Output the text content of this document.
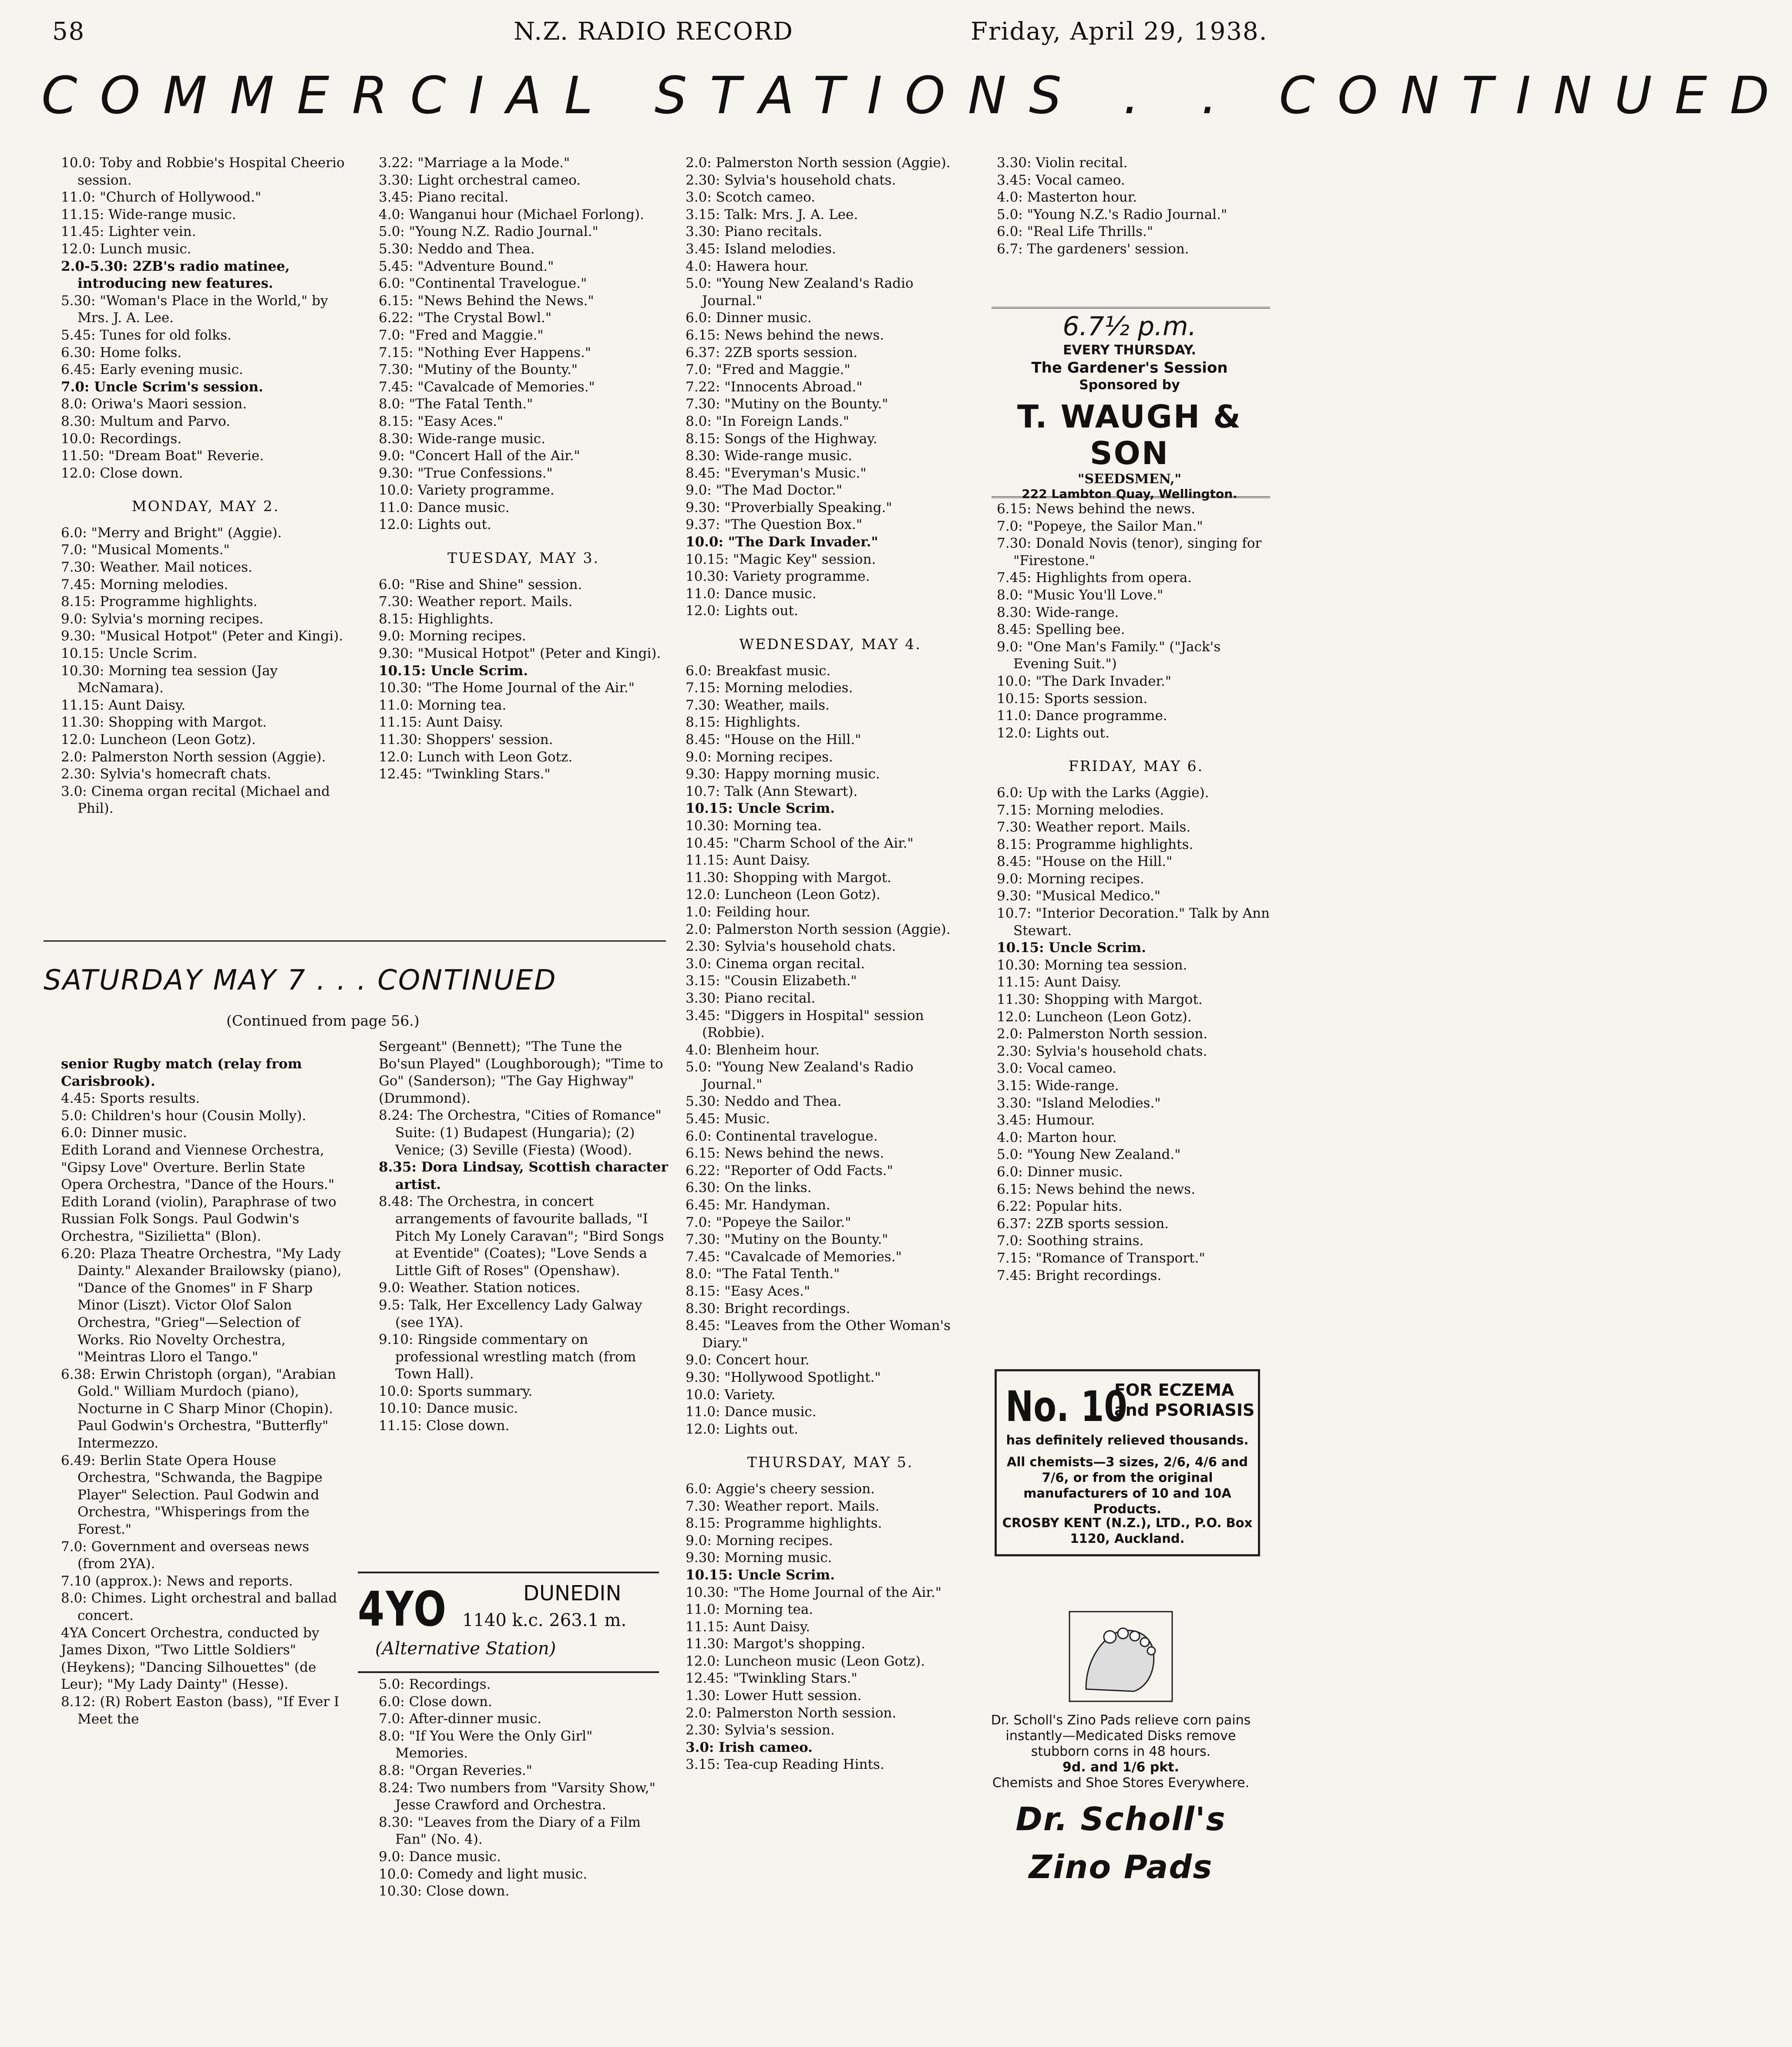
58	N.Z. RADIO RECORD	Friday, April 29, 1938.
COMMERCIAL STATIONS . . CONTINUED

10.0: Toby and Robbie's Hospital Cheerio session.

11.0: "Church of Hollywood."

11.15: Wide-range music.

11.45: Lighter vein.

12.0: Lunch music.

2.0-5.30: 2ZB's radio matinee, introducing new features.

5.30: "Woman's Place in the World," by Mrs. J. A. Lee.

5.45: Tunes for old folks.

6.30: Home folks.

6.45: Early evening music.

7.0: Uncle Scrim's session.

8.0: Oriwa's Maori session.

8.30: Multum and Parvo.

10.0: Recordings.

11.50: "Dream Boat" Reverie.

12.0: Close down.

MONDAY, MAY 2.

6.0: "Merry and Bright" (Aggie).

7.0: "Musical Moments."

7.30: Weather. Mail notices.

7.45: Morning melodies.

8.15: Programme highlights.

9.0: Sylvia's morning recipes.

9.30: "Musical Hotpot" (Peter and Kingi).

10.15: Uncle Scrim.

10.30: Morning tea session (Jay McNamara).

11.15: Aunt Daisy.

11.30: Shopping with Margot.

12.0: Luncheon (Leon Gotz).

2.0: Palmerston North session (Aggie).

2.30: Sylvia's homecraft chats.

3.0: Cinema organ recital (Michael and Phil).

3.22: "Marriage a la Mode."

3.30: Light orchestral cameo.

3.45: Piano recital.

4.0: Wanganui hour (Michael Forlong).

5.0: "Young N.Z. Radio Journal."

5.30: Neddo and Thea.

5.45: "Adventure Bound."

6.0: "Continental Travelogue."

6.15: "News Behind the News."

6.22: "The Crystal Bowl."

7.0: "Fred and Maggie."

7.15: "Nothing Ever Happens."

7.30: "Mutiny of the Bounty."

7.45: "Cavalcade of Memories."

8.0: "The Fatal Tenth."

8.15: "Easy Aces."

8.30: Wide-range music.

9.0: "Concert Hall of the Air."

9.30: "True Confessions."

10.0: Variety programme.

11.0: Dance music.

12.0: Lights out.

TUESDAY, MAY 3.

6.0: "Rise and Shine" session.

7.30: Weather report. Mails.

8.15: Highlights.

9.0: Morning recipes.

9.30: "Musical Hotpot" (Peter and Kingi).

10.15: Uncle Scrim.

10.30: "The Home Journal of the Air."

11.0: Morning tea.

11.15: Aunt Daisy.

11.30: Shoppers' session.

12.0: Lunch with Leon Gotz.

12.45: "Twinkling Stars."

2.0: Palmerston North session (Aggie).

2.30: Sylvia's household chats.

3.0: Scotch cameo.

3.15: Talk: Mrs. J. A. Lee.

3.30: Piano recitals.

3.45: Island melodies.

4.0: Hawera hour.

5.0: "Young New Zealand's Radio Journal."

6.0: Dinner music.

6.15: News behind the news.

6.37: 2ZB sports session.

7.0: "Fred and Maggie."

7.22: "Innocents Abroad."

7.30: "Mutiny on the Bounty."

8.0: "In Foreign Lands."

8.15: Songs of the Highway.

8.30: Wide-range music.

8.45: "Everyman's Music."

9.0: "The Mad Doctor."

9.30: "Proverbially Speaking."

9.37: "The Question Box."

10.0: "The Dark Invader."

10.15: "Magic Key" session.

10.30: Variety programme.

11.0: Dance music.

12.0: Lights out.

WEDNESDAY, MAY 4.

6.0: Breakfast music.

7.15: Morning melodies.

7.30: Weather, mails.

8.15: Highlights.

8.45: "House on the Hill."

9.0: Morning recipes.

9.30: Happy morning music.

10.7: Talk (Ann Stewart).

10.15: Uncle Scrim.

10.30: Morning tea.

10.45: "Charm School of the Air."

11.15: Aunt Daisy.

11.30: Shopping with Margot.

12.0: Luncheon (Leon Gotz).

1.0: Feilding hour.

2.0: Palmerston North session (Aggie).

2.30: Sylvia's household chats.

3.0: Cinema organ recital.

3.15: "Cousin Elizabeth."

3.30: Piano recital.

3.45: "Diggers in Hospital" session (Robbie).

4.0: Blenheim hour.

5.0: "Young New Zealand's Radio Journal."

5.30: Neddo and Thea.

5.45: Music.

6.0: Continental travelogue.

6.15: News behind the news.

6.22: "Reporter of Odd Facts."

6.30: On the links.

6.45: Mr. Handyman.

7.0: "Popeye the Sailor."

7.30: "Mutiny on the Bounty."

7.45: "Cavalcade of Memories."

8.0: "The Fatal Tenth."

8.15: "Easy Aces."

8.30: Bright recordings.

8.45: "Leaves from the Other Woman's Diary."

9.0: Concert hour.

9.30: "Hollywood Spotlight."

10.0: Variety.

11.0: Dance music.

12.0: Lights out.

THURSDAY, MAY 5.

6.0: Aggie's cheery session.

7.30: Weather report. Mails.

8.15: Programme highlights.

9.0: Morning recipes.

9.30: Morning music.

10.15: Uncle Scrim.

10.30: "The Home Journal of the Air."

11.0: Morning tea.

11.15: Aunt Daisy.

11.30: Margot's shopping.

12.0: Luncheon music (Leon Gotz).

12.45: "Twinkling Stars."

1.30: Lower Hutt session.

2.0: Palmerston North session.

2.30: Sylvia's session.

3.0: Irish cameo.

3.15: Tea-cup Reading Hints.

3.30: Violin recital.

3.45: Vocal cameo.

4.0: Masterton hour.

5.0: "Young N.Z.'s Radio Journal."

6.0: "Real Life Thrills."

6.7: The gardeners' session.

6.7½ p.m.
EVERY THURSDAY.
The Gardener's Session
Sponsored by
T. WAUGH & SON
"SEEDSMEN,"
222 Lambton Quay, Wellington.

6.15: News behind the news.

7.0: "Popeye, the Sailor Man."

7.30: Donald Novis (tenor), singing for "Firestone."

7.45: Highlights from opera.

8.0: "Music You'll Love."

8.30: Wide-range.

8.45: Spelling bee.

9.0: "One Man's Family." ("Jack's Evening Suit.")

10.0: "The Dark Invader."

10.15: Sports session.

11.0: Dance programme.

12.0: Lights out.

FRIDAY, MAY 6.

6.0: Up with the Larks (Aggie).

7.15: Morning melodies.

7.30: Weather report. Mails.

8.15: Programme highlights.

8.45: "House on the Hill."

9.0: Morning recipes.

9.30: "Musical Medico."

10.7: "Interior Decoration." Talk by Ann Stewart.

10.15: Uncle Scrim.

10.30: Morning tea session.

11.15: Aunt Daisy.

11.30: Shopping with Margot.

12.0: Luncheon (Leon Gotz).

2.0: Palmerston North session.

2.30: Sylvia's household chats.

3.0: Vocal cameo.

3.15: Wide-range.

3.30: "Island Melodies."

3.45: Humour.

4.0: Marton hour.

5.0: "Young New Zealand."

6.0: Dinner music.

6.15: News behind the news.

6.22: Popular hits.

6.37: 2ZB sports session.

7.0: Soothing strains.

7.15: "Romance of Transport."

7.45: Bright recordings.

SATURDAY MAY 7 . . . CONTINUED
(Continued from page 56.)

senior Rugby match (relay from Carisbrook).

4.45: Sports results.

5.0: Children's hour (Cousin Molly).

6.0: Dinner music.

Edith Lorand and Viennese Orchestra, "Gipsy Love" Overture. Berlin State Opera Orchestra, "Dance of the Hours." Edith Lorand (violin), Paraphrase of two Russian Folk Songs. Paul Godwin's Orchestra, "Sizilietta" (Blon).

6.20: Plaza Theatre Orchestra, "My Lady Dainty." Alexander Brailowsky (piano), "Dance of the Gnomes" in F Sharp Minor (Liszt). Victor Olof Salon Orchestra, "Grieg"—Selection of Works. Rio Novelty Orchestra, "Meintras Lloro el Tango."

6.38: Erwin Christoph (organ), "Arabian Gold." William Murdoch (piano), Nocturne in C Sharp Minor (Chopin). Paul Godwin's Orchestra, "Butterfly" Intermezzo.

6.49: Berlin State Opera House Orchestra, "Schwanda, the Bagpipe Player" Selection. Paul Godwin and Orchestra, "Whisperings from the Forest."

7.0: Government and overseas news (from 2YA).

7.10 (approx.): News and reports.

8.0: Chimes. Light orchestral and ballad concert.

4YA Concert Orchestra, conducted by James Dixon, "Two Little Soldiers" (Heykens); "Dancing Silhouettes" (de Leur); "My Lady Dainty" (Hesse).

8.12: (R) Robert Easton (bass), "If Ever I Meet the

Sergeant" (Bennett); "The Tune the Bo'sun Played" (Loughborough); "Time to Go" (Sanderson); "The Gay Highway" (Drummond).

8.24: The Orchestra, "Cities of Romance" Suite: (1) Budapest (Hungaria); (2) Venice; (3) Seville (Fiesta) (Wood).

8.35: Dora Lindsay, Scottish character artist.

8.48: The Orchestra, in concert arrangements of favourite ballads, "I Pitch My Lonely Caravan"; "Bird Songs at Eventide" (Coates); "Love Sends a Little Gift of Roses" (Openshaw).

9.0: Weather. Station notices.

9.5: Talk, Her Excellency Lady Galway (see 1YA).

9.10: Ringside commentary on professional wrestling match (from Town Hall).

10.0: Sports summary.

10.10: Dance music.

11.15: Close down.

4YO	DUNEDIN
1140 k.c. 263.1 m.
(Alternative Station)

5.0: Recordings.

6.0: Close down.

7.0: After-dinner music.

8.0: "If You Were the Only Girl" Memories.

8.8: "Organ Reveries."

8.24: Two numbers from "Varsity Show," Jesse Crawford and Orchestra.

8.30: "Leaves from the Diary of a Film Fan" (No. 4).

9.0: Dance music.

10.0: Comedy and light music.

10.30: Close down.

No. 10
FOR ECZEMA and PSORIASIS
has definitely relieved thousands.
All chemists—3 sizes, 2/6, 4/6 and 7/6, or from the original manufacturers of 10 and 10A Products.
CROSBY KENT (N.Z.), LTD., P.O. Box 1120, Auckland.
Dr. Scholl's Zino Pads relieve corn pains instantly—Medicated Disks remove stubborn corns in 48 hours.
9d. and 1/6 pkt.
Chemists and Shoe Stores Everywhere.
Dr. Scholl's
Zino Pads
